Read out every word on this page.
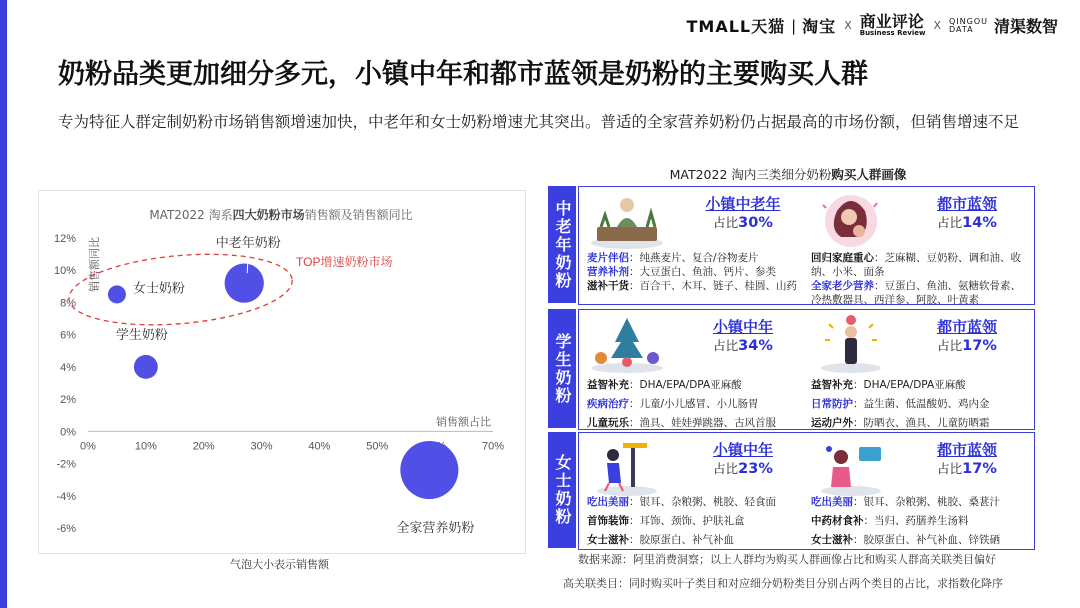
TMALL天猫 | 淘宝 X 商业评论
Business Review
X QINGOU
DATA	清渠数智
奶粉品类更加细分多元，小镇中年和都市蓝领是奶粉的主要购买人群
专为特征人群定制奶粉市场销售额增速加快，中老年和女士奶粉增速尤其突出。普适的全家营养奶粉仍占据最高的市场份额，但销售增速不足
MAT2022 淘系四大奶粉市场销售额及销售额同比
-6%
-4%
-2%
0%
2%
4%
6%
8%
10%
12%
0%	10%	20%	30%	40%	50%	70%
销售额占比
销售额同比	TOP增速奶粉市场
女士奶粉
学生奶粉
中老年奶粉
全家营养奶粉
气泡大小表示销售额
MAT2022 淘内三类细分奶粉购买人群画像
中老年奶粉	小镇中老年
占比30%
麦片伴侣：纯燕麦片、复合/谷物麦片
营养补剂：大豆蛋白、鱼油、钙片、参类
滋补干货：百合干、木耳、链子、桂圆、山药
都市蓝领
占比14%
回归家庭重心：芝麻糊、豆奶粉、调和油、收纳、小米、面条
全家老少营养：豆蛋白、鱼油、氨糖软骨素、冷热敷器具、西洋参、阿胶、叶黄素
学生奶粉
小镇中年
占比34%
益智补充：DHA/EPA/DPA亚麻酸
疾病治疗：儿童/小儿感冒、小儿肠胃
儿童玩乐：渔具、娃娃弹跳器、古风首服
都市蓝领
占比17%
益智补充：DHA/EPA/DPA亚麻酸
日常防护：益生菌、低温酸奶、鸡内金
运动户外：防晒衣、渔具、儿童防晒霜
女士奶粉
小镇中年
占比23%
吃出美丽：银耳、杂粮粥、桃胶、轻食面
首饰装饰：耳饰、颈饰、护肤礼盒
女士滋补：胶原蛋白、补气补血
都市蓝领
占比17%
吃出美丽：银耳、杂粮粥、桃胶、桑葚汁
中药材食补：当归、药膳养生汤料
女士滋补：胶原蛋白、补气补血、锌铁硒
数据来源：阿里消费洞察；以上人群均为购买人群画像占比和购买人群高关联类目偏好
高关联类目：同时购买叶子类目和对应细分奶粉类目分别占两个类目的占比，求指数化降序
